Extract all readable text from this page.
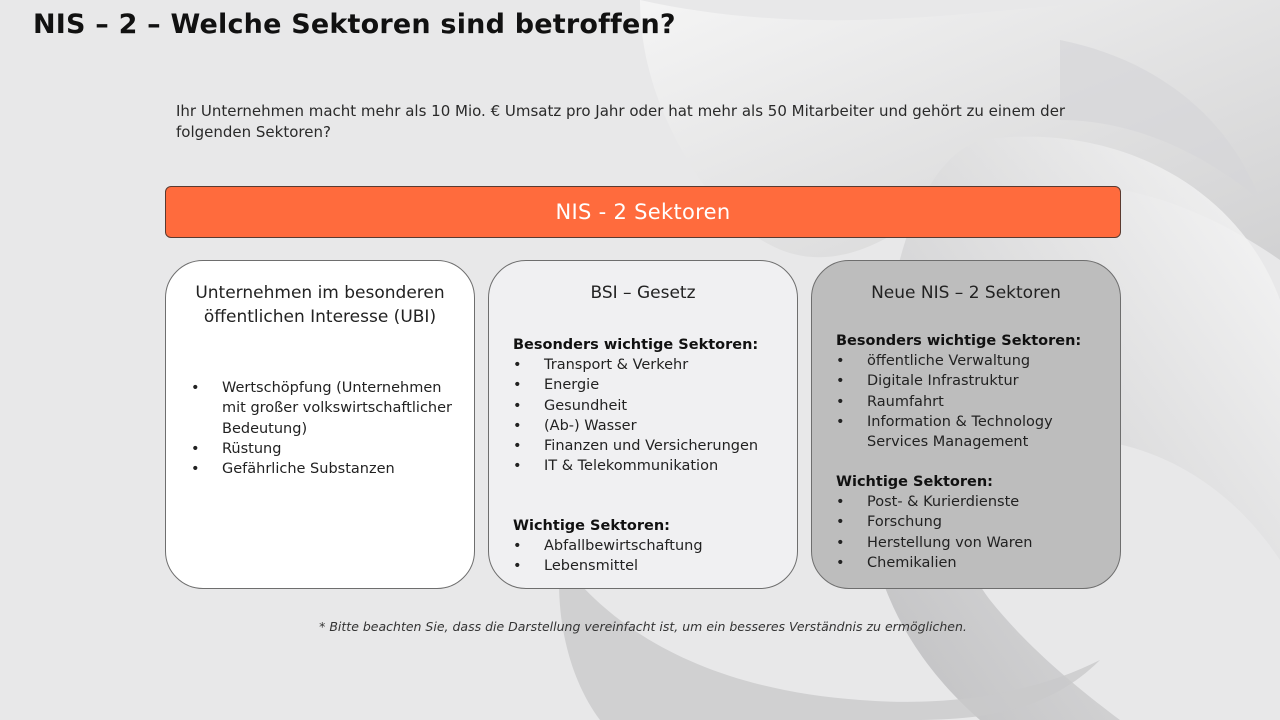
NIS – 2 – Welche Sektoren sind betroffen?
Ihr Unternehmen macht mehr als 10 Mio. € Umsatz pro Jahr oder hat mehr als 50 Mitarbeiter und gehört zu einem der folgenden Sektoren?
NIS - 2 Sektoren

Unternehmen im besonderen öffentlichen Interesse (UBI)

• Wertschöpfung (Unternehmen mit großer volkswirtschaftlicher Bedeutung)
• Rüstung
• Gefährliche Substanzen

BSI – Gesetz

Besonders wichtige Sektoren:

• Transport & Verkehr
• Energie
• Gesundheit
• (Ab-) Wasser
• Finanzen und Versicherungen
• IT & Telekommunikation

Wichtige Sektoren:

• Abfallbewirtschaftung
• Lebensmittel

Neue NIS – 2 Sektoren

Besonders wichtige Sektoren:

• öffentliche Verwaltung
• Digitale Infrastruktur
• Raumfahrt
• Information & Technology Services Management

Wichtige Sektoren:

• Post- & Kurierdienste
• Forschung
• Herstellung von Waren
• Chemikalien
* Bitte beachten Sie, dass die Darstellung vereinfacht ist, um ein besseres Verständnis zu ermöglichen.
